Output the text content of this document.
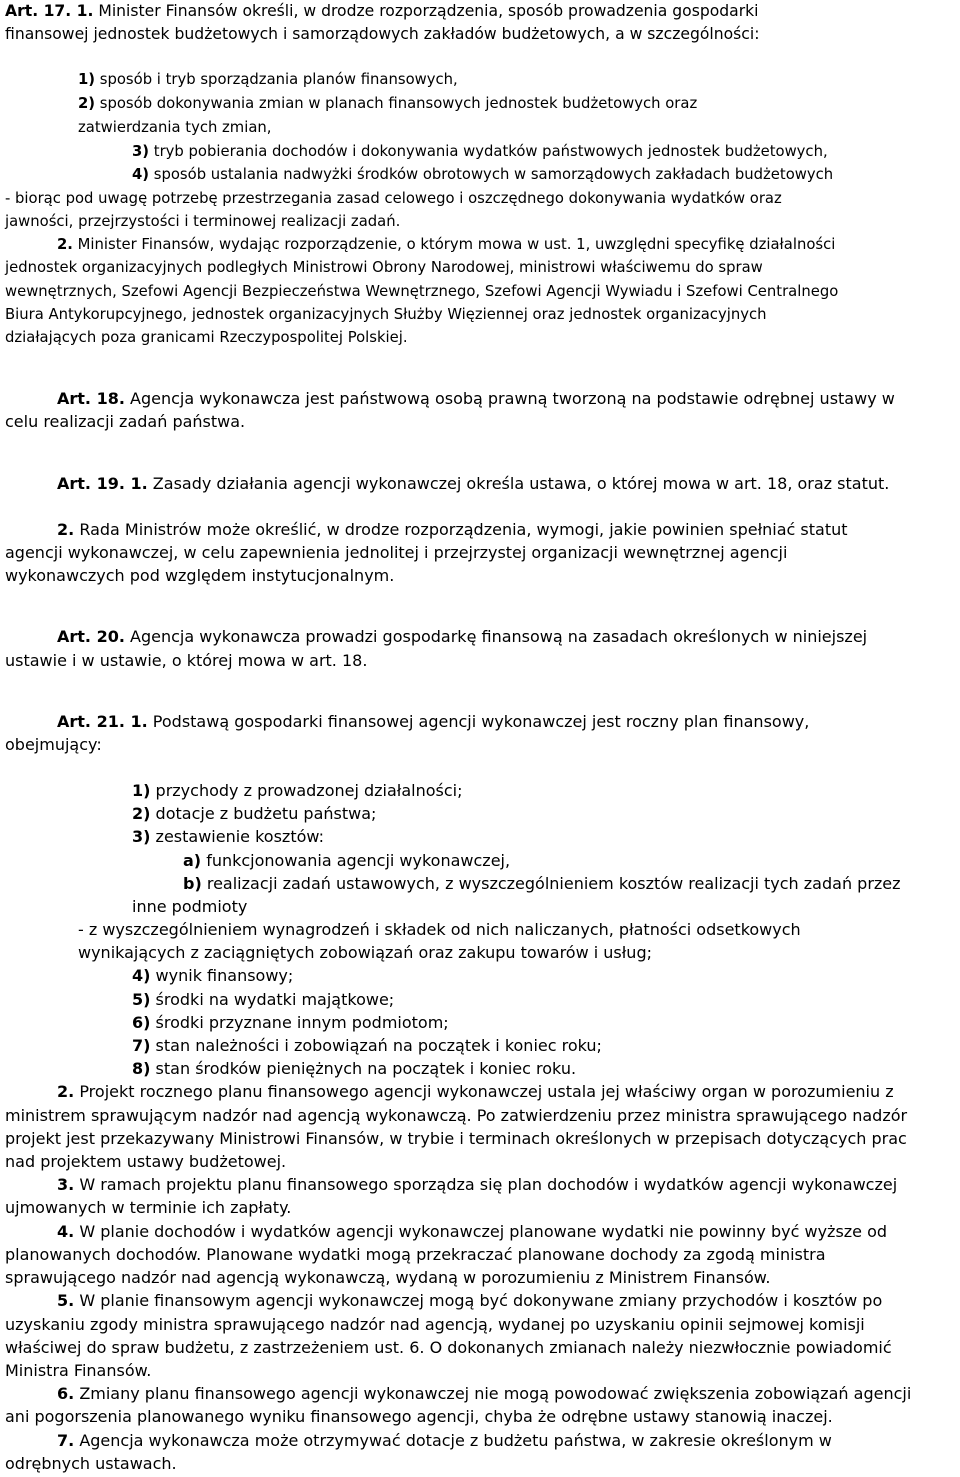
Art. 17. 1. Minister Finansów określi, w drodze rozporządzenia, sposób prowadzenia gospodarki
finansowej jednostek budżetowych i samorządowych zakładów budżetowych, a w szczególności:
1) sposób i tryb sporządzania planów finansowych,
2) sposób dokonywania zmian w planach finansowych jednostek budżetowych oraz
zatwierdzania tych zmian,
3) tryb pobierania dochodów i dokonywania wydatków państwowych jednostek budżetowych,
4) sposób ustalania nadwyżki środków obrotowych w samorządowych zakładach budżetowych
- biorąc pod uwagę potrzebę przestrzegania zasad celowego i oszczędnego dokonywania wydatków oraz
jawności, przejrzystości i terminowej realizacji zadań.
2. Minister Finansów, wydając rozporządzenie, o którym mowa w ust. 1, uwzględni specyfikę działalności
jednostek organizacyjnych podległych Ministrowi Obrony Narodowej, ministrowi właściwemu do spraw
wewnętrznych, Szefowi Agencji Bezpieczeństwa Wewnętrznego, Szefowi Agencji Wywiadu i Szefowi Centralnego
Biura Antykorupcyjnego, jednostek organizacyjnych Służby Więziennej oraz jednostek organizacyjnych
działających poza granicami Rzeczypospolitej Polskiej.
Art. 18. Agencja wykonawcza jest państwową osobą prawną tworzoną na podstawie odrębnej ustawy w
celu realizacji zadań państwa.
Art. 19. 1. Zasady działania agencji wykonawczej określa ustawa, o której mowa w art. 18, oraz statut.
2. Rada Ministrów może określić, w drodze rozporządzenia, wymogi, jakie powinien spełniać statut
agencji wykonawczej, w celu zapewnienia jednolitej i przejrzystej organizacji wewnętrznej agencji
wykonawczych pod względem instytucjonalnym.
Art. 20. Agencja wykonawcza prowadzi gospodarkę finansową na zasadach określonych w niniejszej
ustawie i w ustawie, o której mowa w art. 18.
Art. 21. 1. Podstawą gospodarki finansowej agencji wykonawczej jest roczny plan finansowy,
obejmujący:
1) przychody z prowadzonej działalności;
2) dotacje z budżetu państwa;
3) zestawienie kosztów:
a) funkcjonowania agencji wykonawczej,
b) realizacji zadań ustawowych, z wyszczególnieniem kosztów realizacji tych zadań przez
inne podmioty
- z wyszczególnieniem wynagrodzeń i składek od nich naliczanych, płatności odsetkowych
wynikających z zaciągniętych zobowiązań oraz zakupu towarów i usług;
4) wynik finansowy;
5) środki na wydatki majątkowe;
6) środki przyznane innym podmiotom;
7) stan należności i zobowiązań na początek i koniec roku;
8) stan środków pieniężnych na początek i koniec roku.
2. Projekt rocznego planu finansowego agencji wykonawczej ustala jej właściwy organ w porozumieniu z
ministrem sprawującym nadzór nad agencją wykonawczą. Po zatwierdzeniu przez ministra sprawującego nadzór
projekt jest przekazywany Ministrowi Finansów, w trybie i terminach określonych w przepisach dotyczących prac
nad projektem ustawy budżetowej.
3. W ramach projektu planu finansowego sporządza się plan dochodów i wydatków agencji wykonawczej
ujmowanych w terminie ich zapłaty.
4. W planie dochodów i wydatków agencji wykonawczej planowane wydatki nie powinny być wyższe od
planowanych dochodów. Planowane wydatki mogą przekraczać planowane dochody za zgodą ministra
sprawującego nadzór nad agencją wykonawczą, wydaną w porozumieniu z Ministrem Finansów.
5. W planie finansowym agencji wykonawczej mogą być dokonywane zmiany przychodów i kosztów po
uzyskaniu zgody ministra sprawującego nadzór nad agencją, wydanej po uzyskaniu opinii sejmowej komisji
właściwej do spraw budżetu, z zastrzeżeniem ust. 6. O dokonanych zmianach należy niezwłocznie powiadomić
Ministra Finansów.
6. Zmiany planu finansowego agencji wykonawczej nie mogą powodować zwiększenia zobowiązań agencji
ani pogorszenia planowanego wyniku finansowego agencji, chyba że odrębne ustawy stanowią inaczej.
7. Agencja wykonawcza może otrzymywać dotacje z budżetu państwa, w zakresie określonym w
odrębnych ustawach.
